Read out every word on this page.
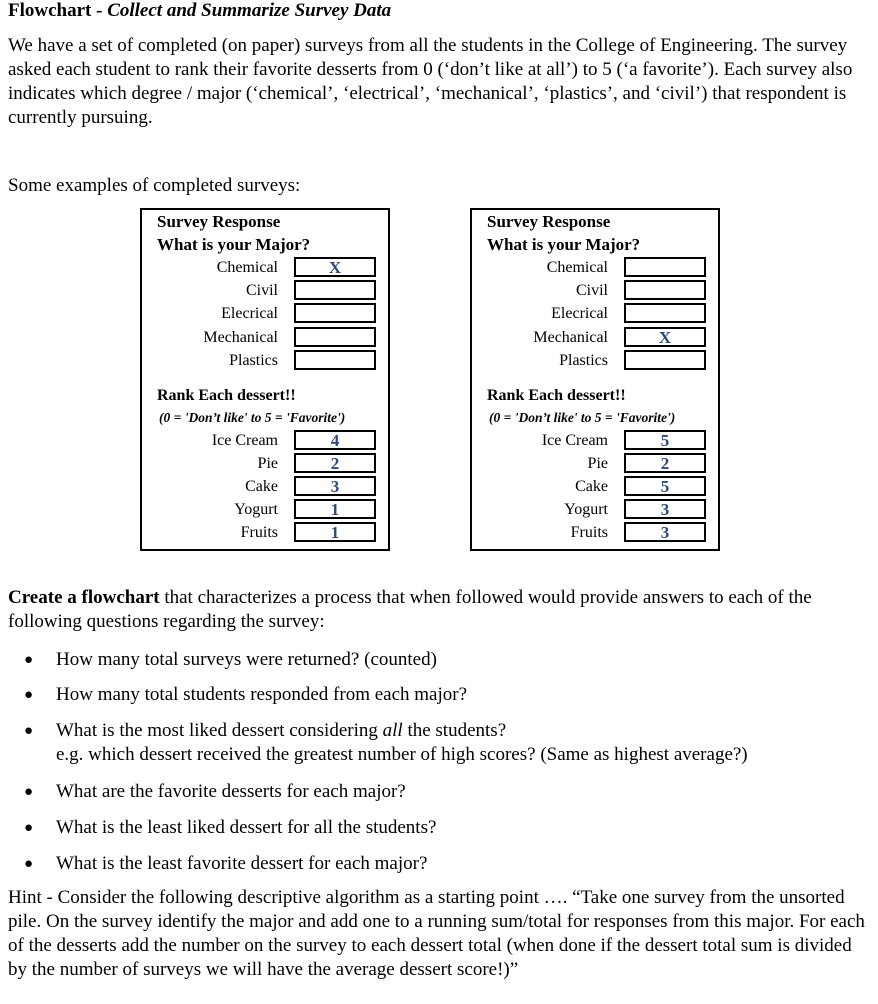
Flowchart - Collect and Summarize Survey Data
We have a set of completed (on paper) surveys from all the students in the College of Engineering. The survey asked each student to rank their favorite desserts from 0 (‘don’t like at all’) to 5 (‘a favorite’). Each survey also indicates which degree / major (‘chemical’, ‘electrical’, ‘mechanical’, ‘plastics’, and ‘civil’) that respondent is currently pursuing.
Some examples of completed surveys:
Survey Response
What is your Major?
Chemical	X
Civil
Elecrical
Mechanical
Plastics
Rank Each dessert!!
(0 = 'Don’t like' to 5 = 'Favorite')
Ice Cream	4
Pie	2
Cake	3
Yogurt	1
Fruits	1
Survey Response
What is your Major?
Chemical
Civil
Elecrical
Mechanical	X
Plastics
Rank Each dessert!!
(0 = 'Don’t like' to 5 = 'Favorite')
Ice Cream	5
Pie	2
Cake	5
Yogurt	3
Fruits	3
Create a flowchart that characterizes a process that when followed would provide answers to each of the following questions regarding the survey:
● How many total surveys were returned? (counted)
● How many total students responded from each major?
● What is the most liked dessert considering all the students?
e.g. which dessert received the greatest number of high scores? (Same as highest average?)
● What are the favorite desserts for each major?
● What is the least liked dessert for all the students?
● What is the least favorite dessert for each major?
Hint - Consider the following descriptive algorithm as a starting point …. “Take one survey from the unsorted pile. On the survey identify the major and add one to a running sum/total for responses from this major. For each of the desserts add the number on the survey to each dessert total (when done if the dessert total sum is divided by the number of surveys we will have the average dessert score!)”
